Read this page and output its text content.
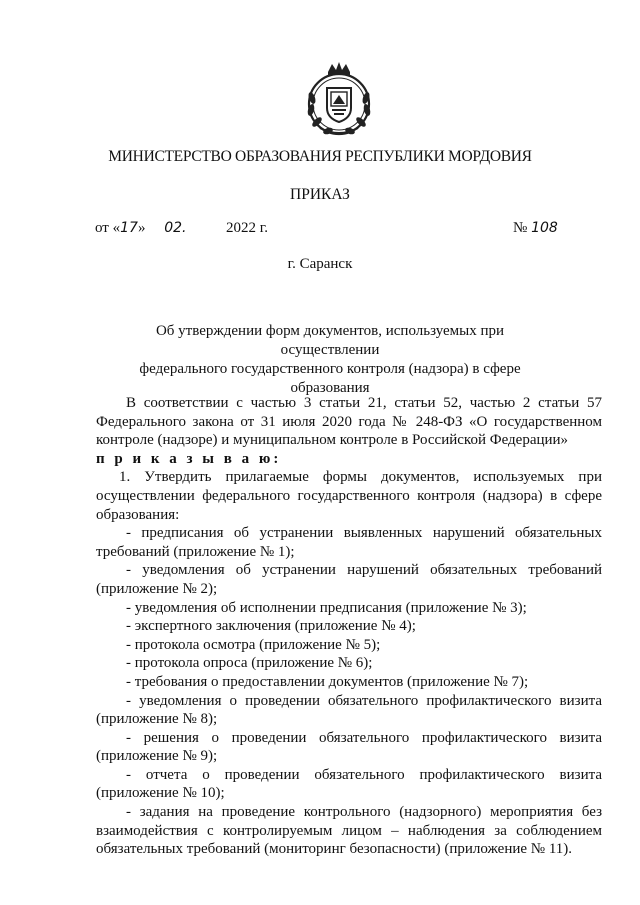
МИНИСТЕРСТВО ОБРАЗОВАНИЯ РЕСПУБЛИКИ МОРДОВИЯ
ПРИКАЗ
от «17» 02.	2022 г.	№ 108
г. Саранск
Об утверждении форм документов, используемых при осуществлении
федерального государственного контроля (надзора) в сфере образования

В соответствии с частью 3 статьи 21, статьи 52, частью 2 статьи 57 Федерального закона от 31 июля 2020 года № 248-ФЗ «О государственном контроле (надзоре) и муниципальном контроле в Российской Федерации»

п р и к а з ы в а ю:

1. Утвердить прилагаемые формы документов, используемых при осуществлении федерального государственного контроля (надзора) в сфере образования:

- предписания об устранении выявленных нарушений обязательных требований (приложение № 1);

- уведомления об устранении нарушений обязательных требований (приложение № 2);

- уведомления об исполнении предписания (приложение № 3);

- экспертного заключения (приложение № 4);

- протокола осмотра (приложение № 5);

- протокола опроса (приложение № 6);

- требования о предоставлении документов (приложение № 7);

- уведомления о проведении обязательного профилактического визита (приложение № 8);

- решения о проведении обязательного профилактического визита (приложение № 9);

- отчета о проведении обязательного профилактического визита (приложение № 10);

- задания на проведение контрольного (надзорного) мероприятия без взаимодействия с контролируемым лицом – наблюдения за соблюдением обязательных требований (мониторинг безопасности) (приложение № 11).
